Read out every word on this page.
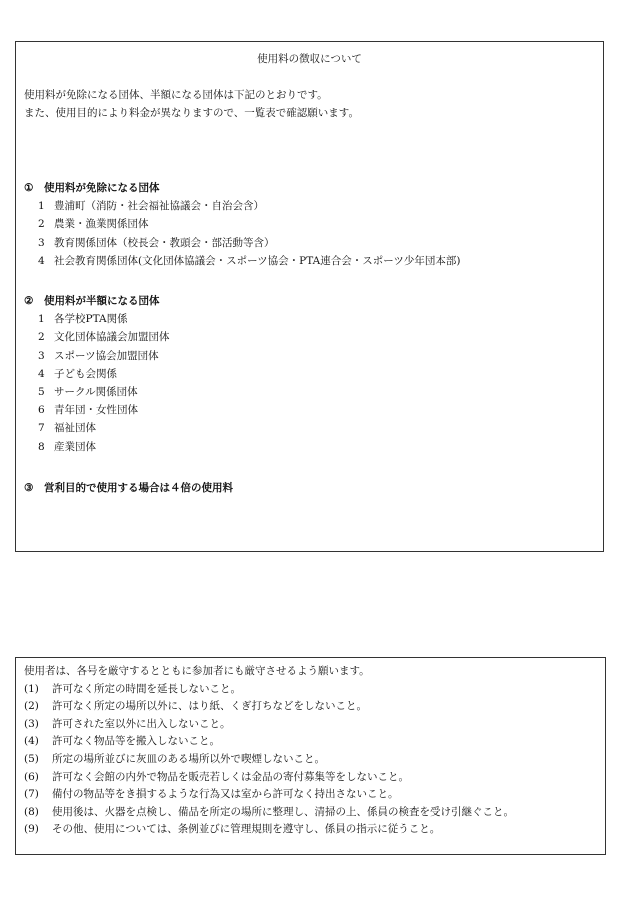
使用料の徴収について
使用料が免除になる団体、半額になる団体は下記のとおりです。
また、使用目的により料金が異なりますので、一覧表で確認願います。
① 使用料が免除になる団体
1 豊浦町（消防・社会福祉協議会・自治会含）
2 農業・漁業関係団体
3 教育関係団体（校長会・教頭会・部活動等含）
4 社会教育関係団体(文化団体協議会・スポーツ協会・PTA連合会・スポーツ少年団本部)
② 使用料が半額になる団体
1 各学校PTA関係
2 文化団体協議会加盟団体
3 スポーツ協会加盟団体
4 子ども会関係
5 サークル関係団体
6 青年団・女性団体
7 福祉団体
8 産業団体
③ 営利目的で使用する場合は４倍の使用料
使用者は、各号を厳守するとともに参加者にも厳守させるよう願います。
(1) 許可なく所定の時間を延長しないこと。
(2) 許可なく所定の場所以外に、はり紙、くぎ打ちなどをしないこと。
(3) 許可された室以外に出入しないこと。
(4) 許可なく物品等を搬入しないこと。
(5) 所定の場所並びに灰皿のある場所以外で喫煙しないこと。
(6) 許可なく会館の内外で物品を販売若しくは金品の寄付募集等をしないこと。
(7) 備付の物品等をき損するような行為又は室から許可なく持出さないこと。
(8) 使用後は、火器を点検し、備品を所定の場所に整理し、清掃の上、係員の検査を受け引継ぐこと。
(9) その他、使用については、条例並びに管理規則を遵守し、係員の指示に従うこと。
